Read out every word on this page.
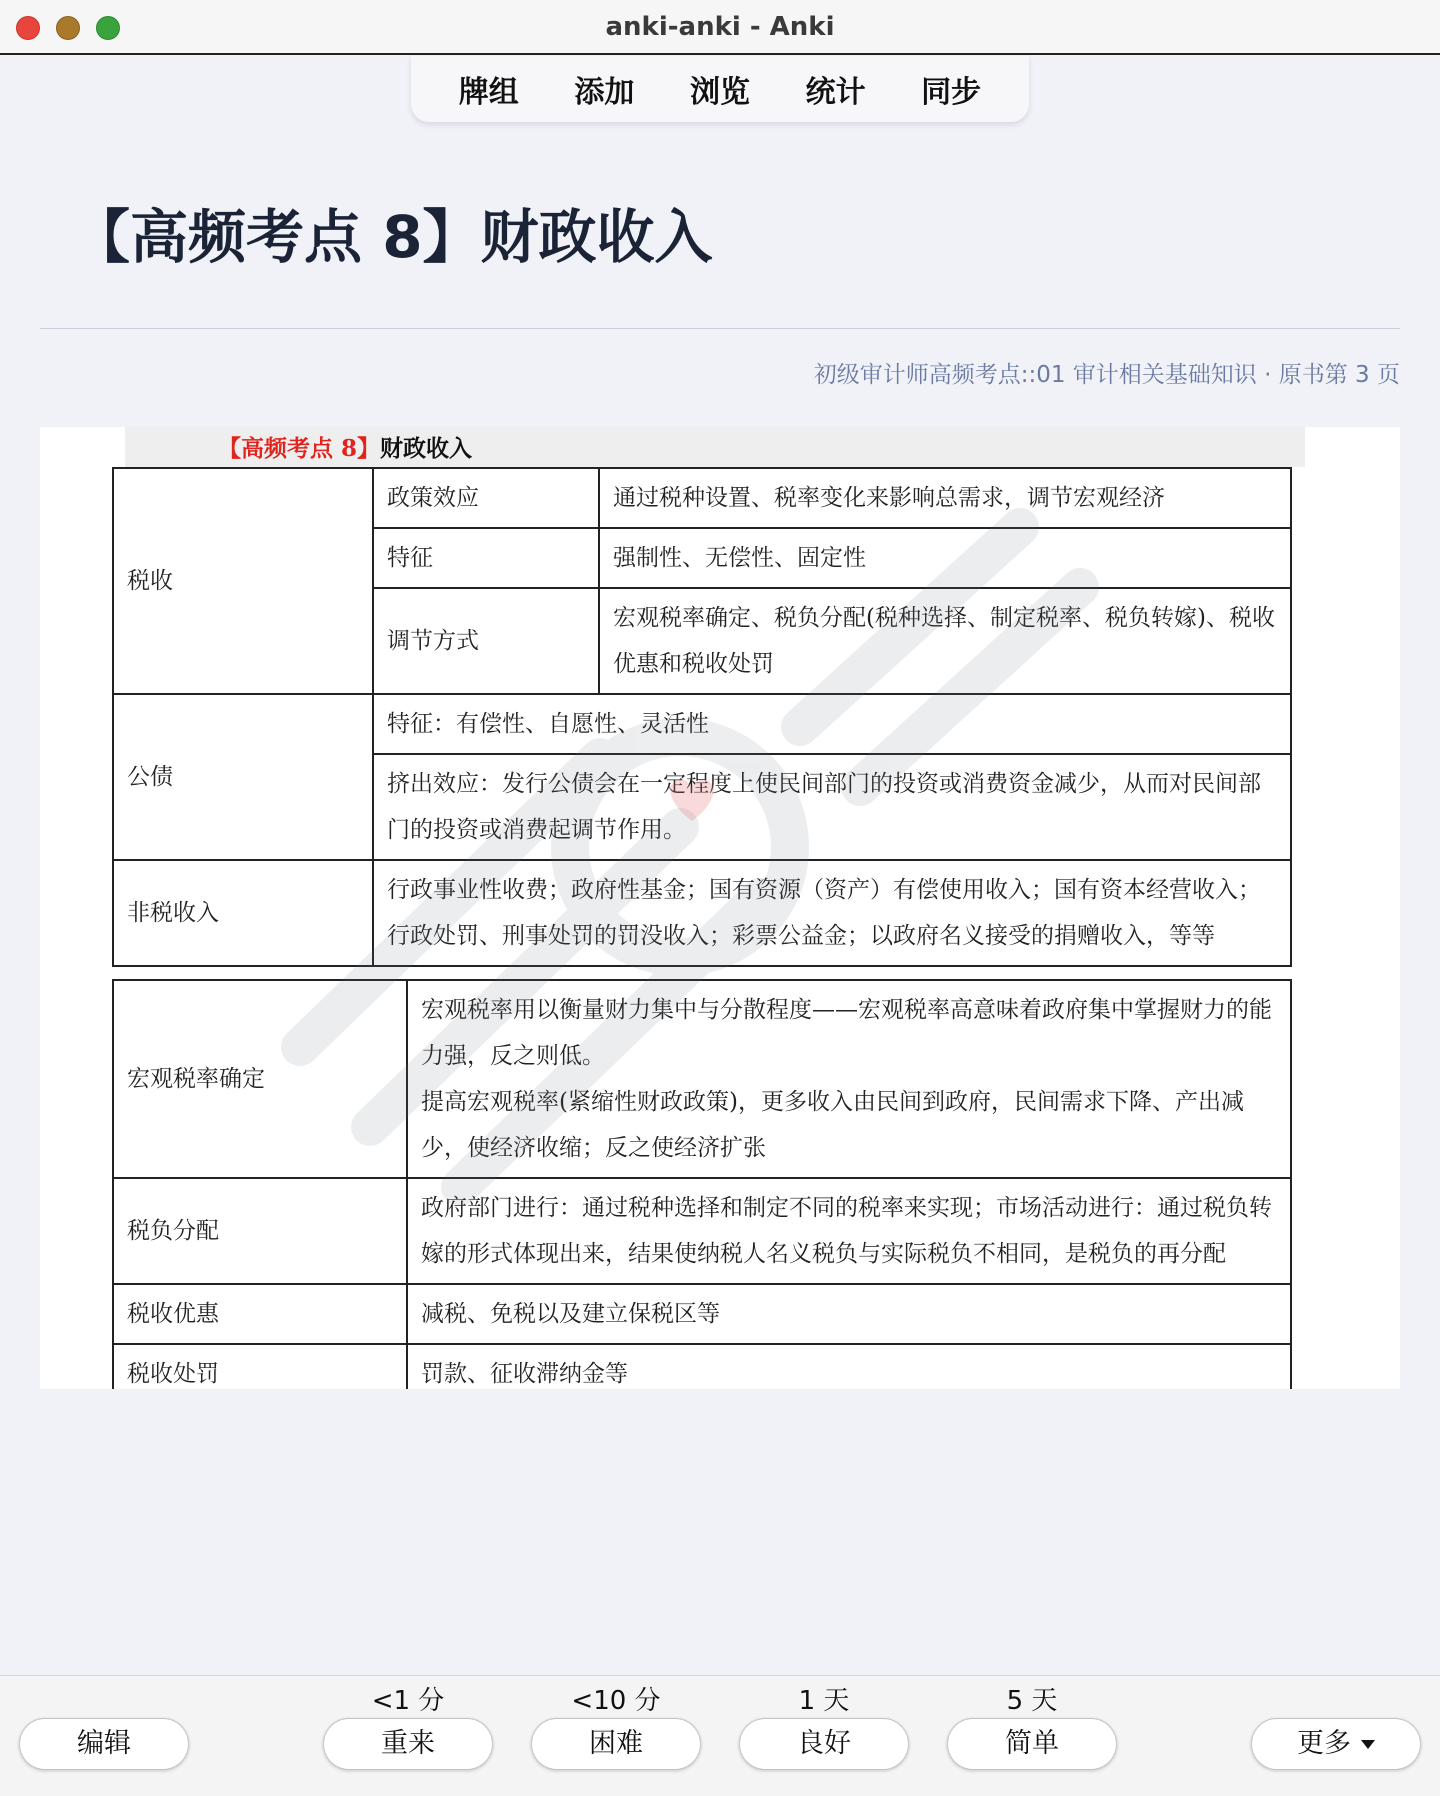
anki-anki - Anki
牌组 添加 浏览 统计 同步
【高频考点 8】财政收入
初级审计师高频考点::01 审计相关基础知识 · 原书第 3 页
【高频考点 8】财政收入
税收	政策效应	通过税种设置、税率变化来影响总需求，调节宏观经济
	特征	强制性、无偿性、固定性
	调节方式	宏观税率确定、税负分配(税种选择、制定税率、税负转嫁)、税收优惠和税收处罚
公债	特征：有偿性、自愿性、灵活性	
	挤出效应：发行公债会在一定程度上使民间部门的投资或消费资金减少，从而对民间部门的投资或消费起调节作用。	
非税收入	行政事业性收费；政府性基金；国有资源（资产）有偿使用收入；国有资本经营收入；行政处罚、刑事处罚的罚没收入；彩票公益金；以政府名义接受的捐赠收入，等等	
宏观税率确定	宏观税率用以衡量财力集中与分散程度——宏观税率高意味着政府集中掌握财力的能力强，反之则低。
提高宏观税率(紧缩性财政政策)，更多收入由民间到政府，民间需求下降、产出减少，使经济收缩；反之使经济扩张

税负分配	政府部门进行：通过税种选择和制定不同的税率来实现；市场活动进行：通过税负转嫁的形式体现出来，结果使纳税人名义税负与实际税负不相同，是税负的再分配
税收优惠	减税、免税以及建立保税区等
税收处罚	罚款、征收滞纳金等
编辑
<1 分
重来
<10 分
困难
1 天
良好
5 天
简单	更多
